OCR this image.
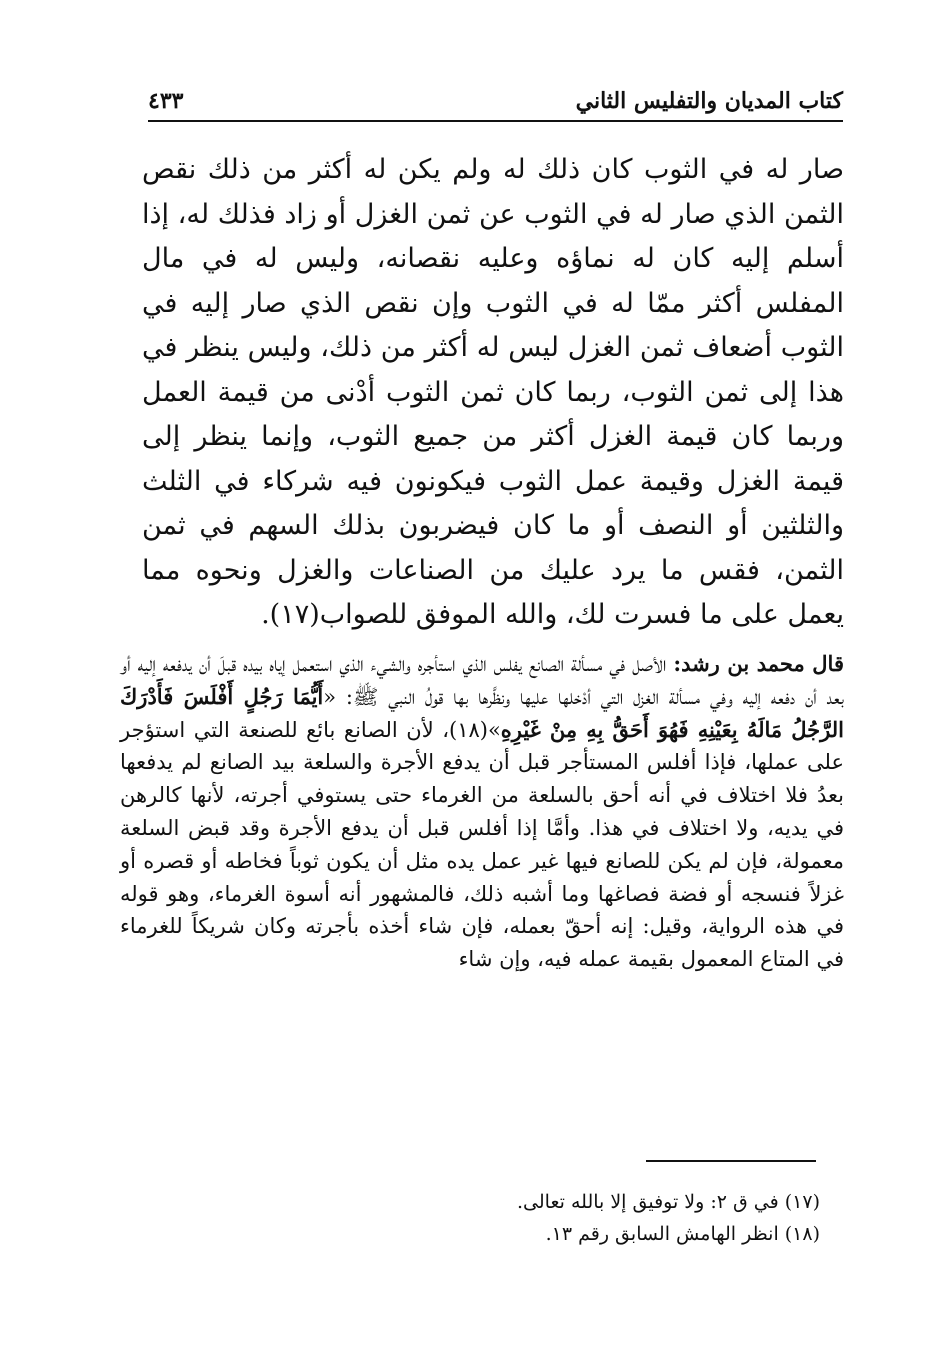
كتاب المديان والتفليس الثاني
٤٣٣

صار له في الثوب كان ذلك له ولم يكن له أكثر من ذلك نقص الثمن الذي صار له في الثوب عن ثمن الغزل أو زاد فذلك له، إذا أسلم إليه كان له نماؤه وعليه نقصانه، وليس له في مال المفلس أكثر ممّا له في الثوب وإن نقص الذي صار إليه في الثوب أضعاف ثمن الغزل ليس له أكثر من ذلك، وليس ينظر في هذا إلى ثمن الثوب، ربما كان ثمن الثوب أدْنى من قيمة العمل وربما كان قيمة الغزل أكثر من جميع الثوب، وإنما ينظر إلى قيمة الغزل وقيمة عمل الثوب فيكونون فيه شركاء في الثلث والثلثين أو النصف أو ما كان فيضربون بذلك السهم في ثمن الثمن، فقس ما يرد عليك من الصناعات والغزل ونحوه مما يعمل على ما فسرت لك، والله الموفق للصواب(١٧).

قال محمد بن رشد: الأصل في مسألة الصانع يفلس الذي استأجره والشيء الذي استعمل إياه بيده قبلَ أن يدفعه إليه أو بعد أن دفعه إليه وفي مسألة الغزل التي أدْخلها عليها ونظَّرها بها قولُ النبي ﷺ: «أَيُّمَا رَجُلٍ أَفْلَسَ فَأَدْرَكَ الرَّجُلُ مَالَهُ بِعَيْنِهِ فَهُوَ أَحَقُّ بِهِ مِنْ غَيْرِهِ»(١٨)، لأن الصانع بائع للصنعة التي استؤجر على عملها، فإذا أفلس المستأجر قبل أن يدفع الأجرة والسلعة بيد الصانع لم يدفعها بعدُ فلا اختلاف في أنه أحق بالسلعة من الغرماء حتى يستوفي أجرته، لأنها كالرهن في يديه، ولا اختلاف في هذا. وأمَّا إذا أفلس قبل أن يدفع الأجرة وقد قبض السلعة معمولة، فإن لم يكن للصانع فيها غير عمل يده مثل أن يكون ثوباً فخاطه أو قصره أو غزلاً فنسجه أو فضة فصاغها وما أشبه ذلك، فالمشهور أنه أسوة الغرماء، وهو قوله في هذه الرواية، وقيل: إنه أحقّ بعمله، فإن شاء أخذه بأجرته وكان شريكاً للغرماء في المتاع المعمول بقيمة عمله فيه، وإن شاء

(١٧)في ق ٢: ولا توفيق إلا بالله تعالى.

(١٨)انظر الهامش السابق رقم ١٣.
